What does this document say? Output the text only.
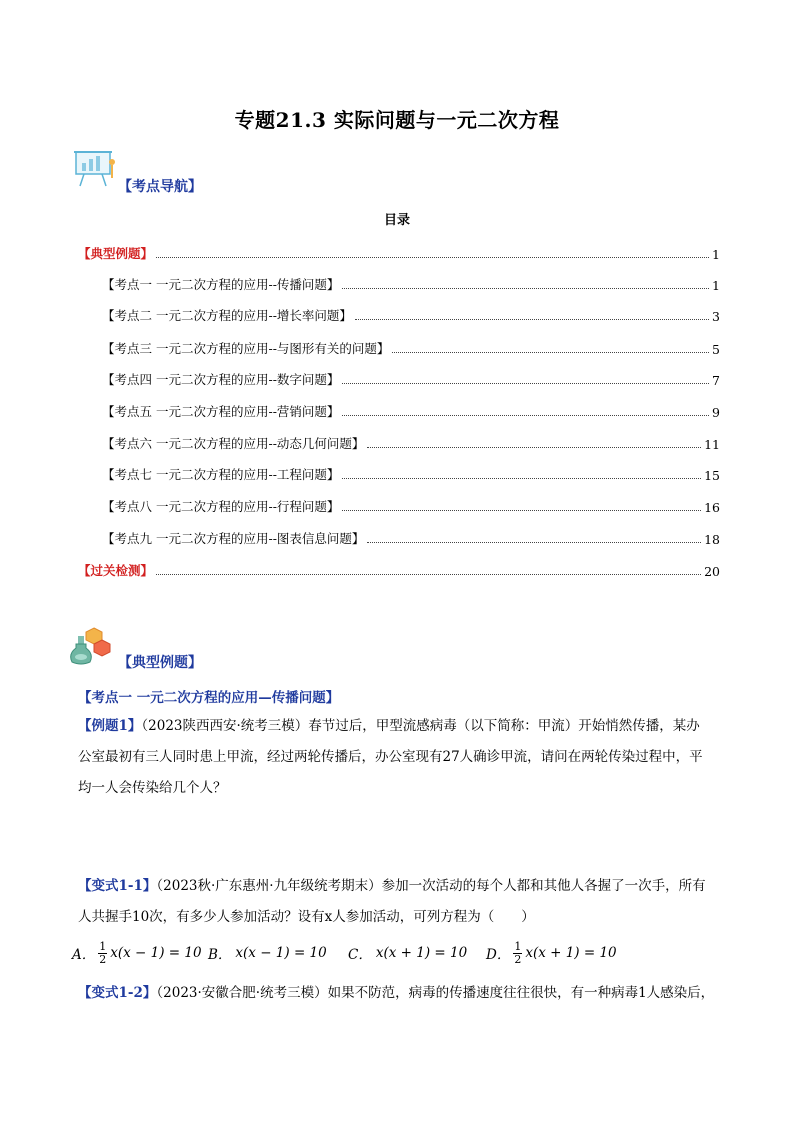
专题21.3 实际问题与一元二次方程
【考点导航】
目录
【典型例题】	1
【考点一 一元二次方程的应用--传播问题】	1
【考点二 一元二次方程的应用--增长率问题】	3
【考点三 一元二次方程的应用--与图形有关的问题】	5
【考点四 一元二次方程的应用--数字问题】	7
【考点五 一元二次方程的应用--营销问题】	9
【考点六 一元二次方程的应用--动态几何问题】	11
【考点七 一元二次方程的应用--工程问题】	15
【考点八 一元二次方程的应用--行程问题】	16
【考点九 一元二次方程的应用--图表信息问题】	18
【过关检测】	20
【典型例题】
【考点一 一元二次方程的应用—传播问题】
【例题1】（2023陕西西安·统考三模）春节过后，甲型流感病毒（以下简称：甲流）开始悄然传播，某办
公室最初有三人同时患上甲流，经过两轮传播后，办公室现有27人确诊甲流，请问在两轮传染过程中，平
均一人会传染给几个人？
【变式1-1】（2023秋·广东惠州·九年级统考期末）参加一次活动的每个人都和其他人各握了一次手，所有
人共握手10次，有多少人参加活动？设有x人参加活动，可列方程为（　　）
A． $\frac{1}{2} x(x - 1) = 10$ B． x(x − 1) = 10 C． x(x + 1) = 10 D． $\frac{1}{2} x(x + 1) = 10$
【变式1-2】（2023·安徽合肥·统考三模）如果不防范，病毒的传播速度往往很快，有一种病毒1人感染后，
